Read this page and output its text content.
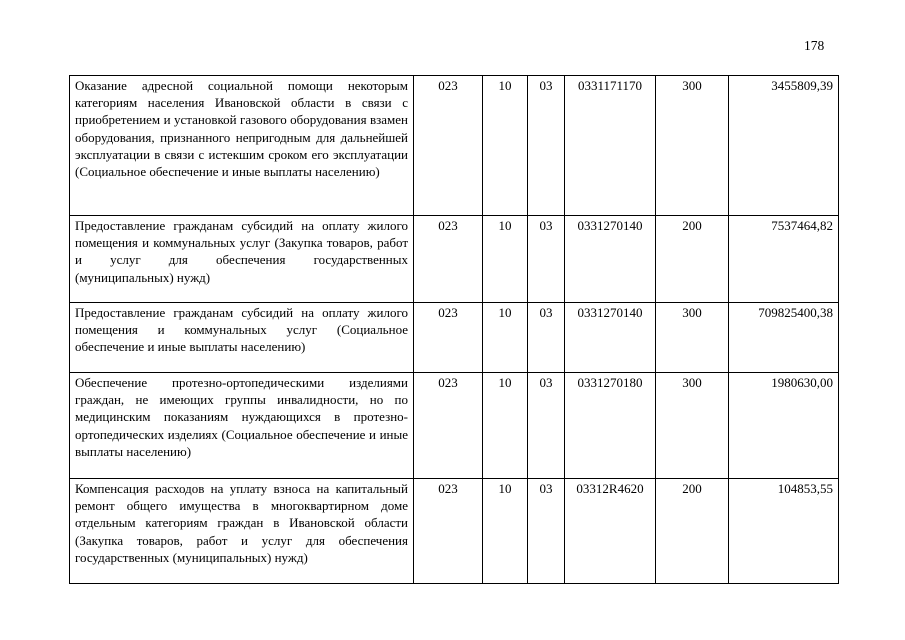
178
Оказание адресной социальной помощи некоторым категориям населения Ивановской области в связи с приобретением и установкой газового оборудования взамен оборудования, признанного непригодным для дальнейшей эксплуатации в связи с истекшим сроком его эксплуатации (Социальное обеспечение и иные выплаты населению)	023	10	03	0331171170	300	3455809,39
Предоставление гражданам субсидий на оплату жилого помещения и коммунальных услуг (Закупка товаров, работ и услуг для обеспечения государственных (муниципальных) нужд)	023	10	03	0331270140	200	7537464,82
Предоставление гражданам субсидий на оплату жилого помещения и коммунальных услуг (Социальное обеспечение и иные выплаты населению)	023	10	03	0331270140	300	709825400,38
Обеспечение протезно-ортопедическими изделиями граждан, не имеющих группы инвалидности, но по медицинским показаниям нуждающихся в протезно-ортопедических изделиях (Социальное обеспечение и иные выплаты населению)	023	10	03	0331270180	300	1980630,00
Компенсация расходов на уплату взноса на капитальный ремонт общего имущества в многоквартирном доме отдельным категориям граждан в Ивановской области (Закупка товаров, работ и услуг для обеспечения государственных (муниципальных) нужд)	023	10	03	03312R4620	200	104853,55
